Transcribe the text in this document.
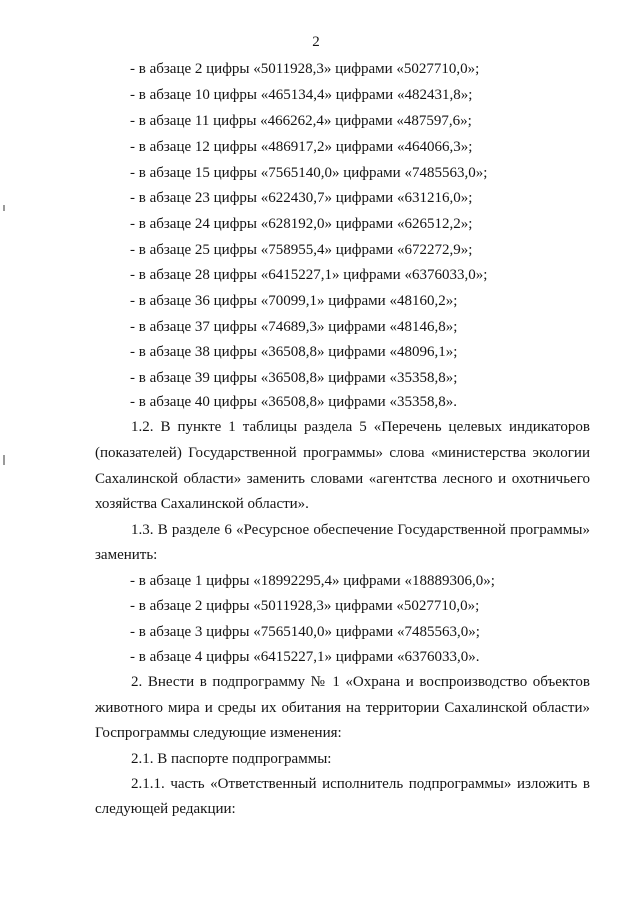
2
- в абзаце 2 цифры «5011928,3» цифрами «5027710,0»;
- в абзаце 10 цифры «465134,4» цифрами «482431,8»;
- в абзаце 11 цифры «466262,4» цифрами «487597,6»;
- в абзаце 12 цифры «486917,2» цифрами «464066,3»;
- в абзаце 15 цифры «7565140,0» цифрами «7485563,0»;
- в абзаце 23 цифры «622430,7» цифрами «631216,0»;
- в абзаце 24 цифры «628192,0» цифрами «626512,2»;
- в абзаце 25 цифры «758955,4» цифрами «672272,9»;
- в абзаце 28 цифры «6415227,1» цифрами «6376033,0»;
- в абзаце 36 цифры «70099,1» цифрами «48160,2»;
- в абзаце 37 цифры «74689,3» цифрами «48146,8»;
- в абзаце 38 цифры «36508,8» цифрами «48096,1»;
- в абзаце 39 цифры «36508,8» цифрами «35358,8»;
- в абзаце 40 цифры «36508,8» цифрами «35358,8».
1.2. В пункте 1 таблицы раздела 5 «Перечень целевых индикаторов
(показателей) Государственной программы» слова «министерства экологии
Сахалинской области» заменить словами «агентства лесного и охотничьего
хозяйства Сахалинской области».
1.3. В разделе 6 «Ресурсное обеспечение Государственной программы»
заменить:
- в абзаце 1 цифры «18992295,4» цифрами «18889306,0»;
- в абзаце 2 цифры «5011928,3» цифрами «5027710,0»;
- в абзаце 3 цифры «7565140,0» цифрами «7485563,0»;
- в абзаце 4 цифры «6415227,1» цифрами «6376033,0».
2. Внести в подпрограмму № 1 «Охрана и воспроизводство объектов
животного мира и среды их обитания на территории Сахалинской области»
Госпрограммы следующие изменения:
2.1. В паспорте подпрограммы:
2.1.1. часть «Ответственный исполнитель подпрограммы» изложить в
следующей редакции:
